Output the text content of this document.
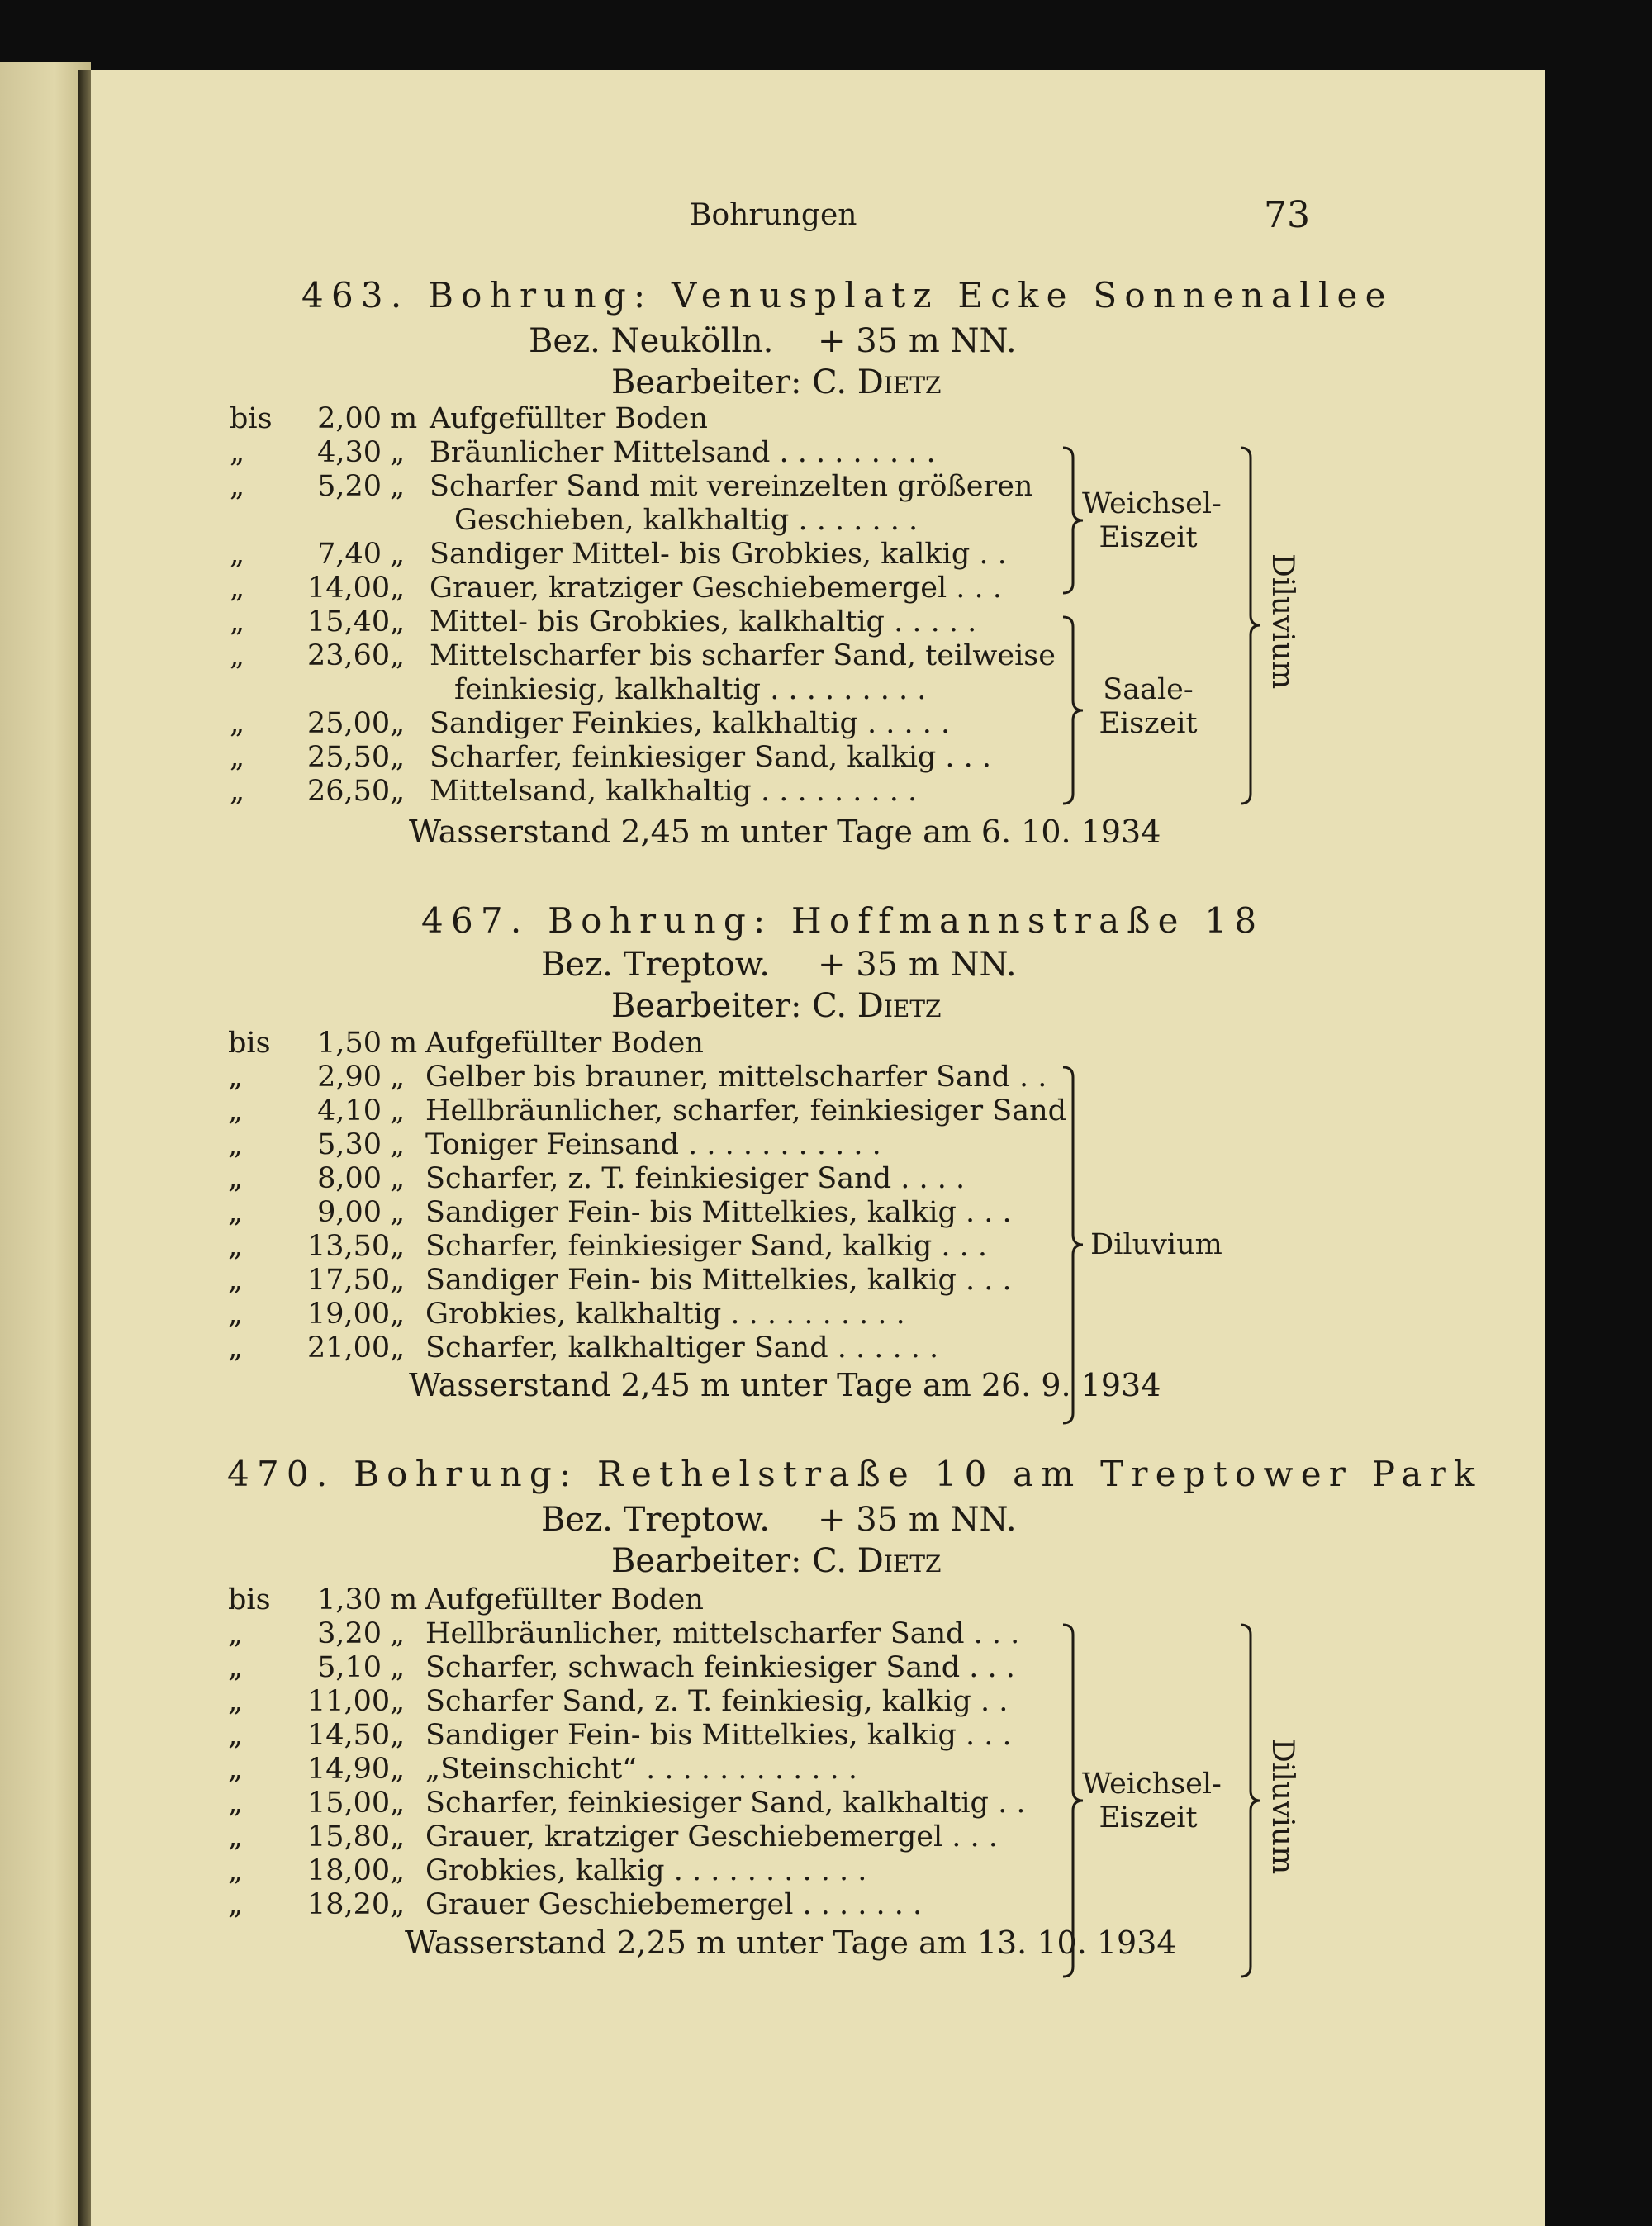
Bohrungen	73
463. Bohrung: Venusplatz Ecke Sonnenallee
Bez. Neukölln. + 35 m NN.
Bearbeiter: C. Dietz
bis	2,00 m Aufgefüllter Boden
„	4,30 „ Bräunlicher Mittelsand . . . . . . . . .
„	5,20 „ Scharfer Sand mit vereinzelten größeren
Geschieben, kalkhaltig . . . . . . .
„	7,40 „ Sandiger Mittel- bis Grobkies, kalkig . .
„ 14,00 „ Grauer, kratziger Geschiebemergel . . .
„ 15,40 „ Mittel- bis Grobkies, kalkhaltig . . . . .
„ 23,60 „ Mittelscharfer bis scharfer Sand, teilweise
feinkiesig, kalkhaltig . . . . . . . . .
„ 25,00 „ Sandiger Feinkies, kalkhaltig . . . . .
„ 25,50 „ Scharfer, feinkiesiger Sand, kalkig . . .
„ 26,50 „ Mittelsand, kalkhaltig . . . . . . . . .
Weichsel-
Eiszeit
Saale-
Eiszeit
Diluvium
Wasserstand 2,45 m unter Tage am 6. 10. 1934
467. Bohrung: Hoffmannstraße 18
Bez. Treptow. + 35 m NN.
Bearbeiter: C. Dietz
bis	1,50 m Aufgefüllter Boden
„	2,90 „ Gelber bis brauner, mittelscharfer Sand . .
„	4,10 „ Hellbräunlicher, scharfer, feinkiesiger Sand
„	5,30 „ Toniger Feinsand . . . . . . . . . . .
„	8,00 „ Scharfer, z. T. feinkiesiger Sand . . . .
„	9,00 „ Sandiger Fein- bis Mittelkies, kalkig . . .
„ 13,50 „ Scharfer, feinkiesiger Sand, kalkig . . .
„ 17,50 „ Sandiger Fein- bis Mittelkies, kalkig . . .
„ 19,00 „ Grobkies, kalkhaltig . . . . . . . . . .
„ 21,00 „ Scharfer, kalkhaltiger Sand . . . . . .
Diluvium
Wasserstand 2,45 m unter Tage am 26. 9. 1934
470. Bohrung: Rethelstraße 10 am Treptower Park
Bez. Treptow. + 35 m NN.
Bearbeiter: C. Dietz
bis	1,30 m Aufgefüllter Boden
„	3,20 „ Hellbräunlicher, mittelscharfer Sand . . .
„	5,10 „ Scharfer, schwach feinkiesiger Sand . . .
„ 11,00 „ Scharfer Sand, z. T. feinkiesig, kalkig . .
„ 14,50 „ Sandiger Fein- bis Mittelkies, kalkig . . .
„ 14,90 „ „Steinschicht“ . . . . . . . . . . . .
„ 15,00 „ Scharfer, feinkiesiger Sand, kalkhaltig . .
„ 15,80 „ Grauer, kratziger Geschiebemergel . . .
„ 18,00 „ Grobkies, kalkig . . . . . . . . . . .
„ 18,20 „ Grauer Geschiebemergel . . . . . . .
Weichsel-
Eiszeit	Diluvium
Wasserstand 2,25 m unter Tage am 13. 10. 1934
